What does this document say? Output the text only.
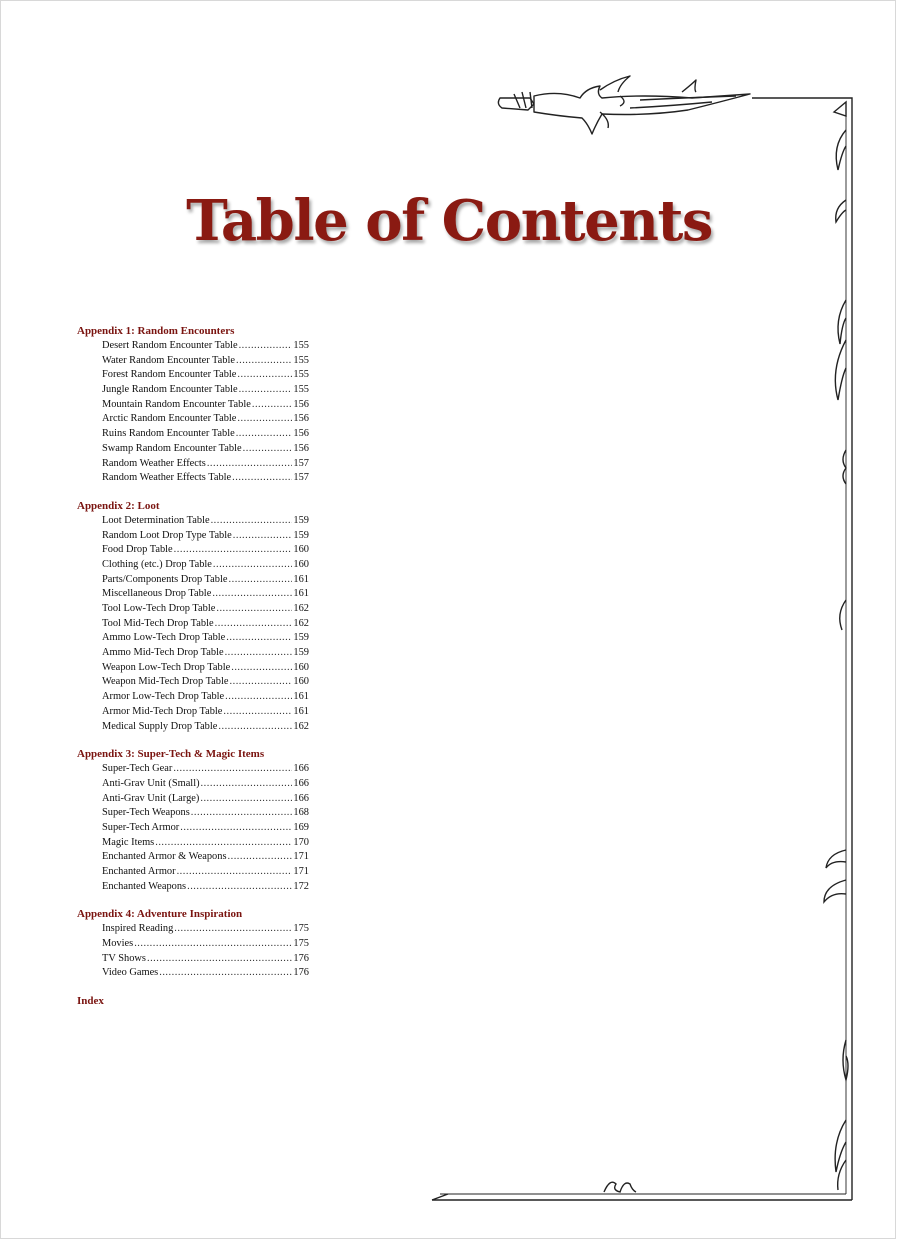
Table of Contents
Appendix 1: Random Encounters
Desert Random Encounter Table .....	155
Water Random Encounter Table .....	155
Forest Random Encounter Table .....	155
Jungle Random Encounter Table .....	155
Mountain Random Encounter Table .....	156
Arctic Random Encounter Table .....	156
Ruins Random Encounter Table .....	156
Swamp Random Encounter Table .....	156
Random Weather Effects .....	157
Random Weather Effects Table .....	157
Appendix 2: Loot
Loot Determination Table .....	159
Random Loot Drop Type Table .....	159
Food Drop Table .....	160
Clothing (etc.) Drop Table .....	160
Parts/Components Drop Table .....	161
Miscellaneous Drop Table .....	161
Tool Low-Tech Drop Table .....	162
Tool Mid-Tech Drop Table .....	162
Ammo Low-Tech Drop Table .....	159
Ammo Mid-Tech Drop Table .....	159
Weapon Low-Tech Drop Table .....	160
Weapon Mid-Tech Drop Table .....	160
Armor Low-Tech Drop Table .....	161
Armor Mid-Tech Drop Table .....	161
Medical Supply Drop Table .....	162
Appendix 3: Super-Tech & Magic Items
Super-Tech Gear .....	166
Anti-Grav Unit (Small) .....	166
Anti-Grav Unit (Large) .....	166
Super-Tech Weapons .....	168
Super-Tech Armor .....	169
Magic Items .....	170
Enchanted Armor & Weapons .....	171
Enchanted Armor .....	171
Enchanted Weapons .....	172
Appendix 4: Adventure Inspiration
Inspired Reading .....	175
Movies .....	175
TV Shows .....	176
Video Games .....	176
Index
